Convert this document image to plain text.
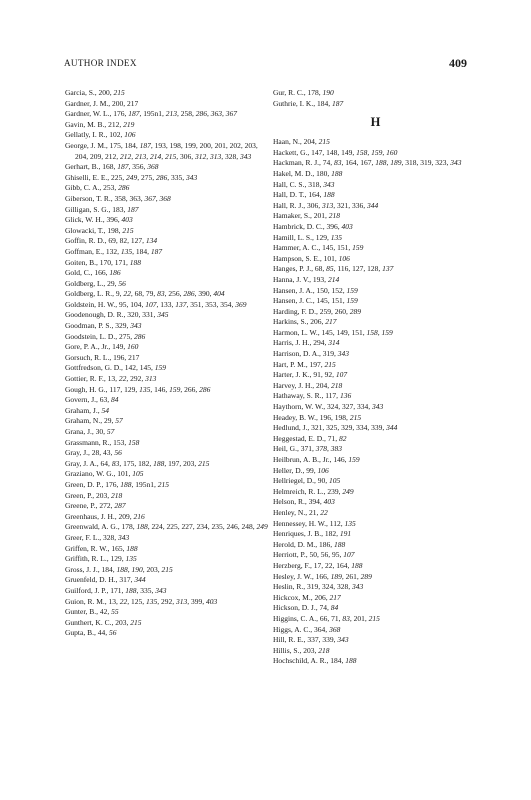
AUTHOR INDEX	409

Garcia, S., 200, 215

Gardner, J. M., 200, 217

Gardner, W. L., 176, 187, 195n1, 213, 258, 286, 363, 367

Gavin, M. B., 212, 219

Gellatly, I. R., 102, 106

George, J. M., 175, 184, 187, 193, 198, 199, 200, 201, 202, 203, 204, 209, 212, 212, 213, 214, 215, 306, 312, 313, 328, 343

Gerhart, B., 168, 187, 356, 368

Ghiselli, E. E., 225, 249, 275, 286, 335, 343

Gibb, C. A., 253, 286

Giberson, T. R., 358, 363, 367, 368

Gilligan, S. G., 183, 187

Glick, W. H., 396, 403

Glowacki, T., 198, 215

Goffin, R. D., 69, 82, 127, 134

Goffman, E., 132, 135, 184, 187

Goiten, B., 170, 171, 188

Gold, C., 166, 186

Goldberg, L., 29, 56

Goldberg, L. R., 9, 22, 68, 79, 83, 256, 286, 390, 404

Goldstein, H. W., 95, 104, 107, 133, 137, 351, 353, 354, 369

Goodenough, D. R., 320, 331, 345

Goodman, P. S., 329, 343

Goodstein, L. D., 275, 286

Gore, P. A., Jr., 149, 160

Gorsuch, R. L., 196, 217

Gottfredson, G. D., 142, 145, 159

Gottier, R. F., 13, 22, 292, 313

Gough, H. G., 117, 129, 135, 146, 159, 266, 286

Govern, J., 63, 84

Graham, J., 54

Graham, N., 29, 57

Grana, J., 30, 57

Grassmann, R., 153, 158

Gray, J., 28, 43, 56

Gray, J. A., 64, 83, 175, 182, 188, 197, 203, 215

Graziano, W. G., 101, 105

Green, D. P., 176, 188, 195n1, 215

Green, P., 203, 218

Greene, P., 272, 287

Greenhaus, J. H., 209, 216

Greenwald, A. G., 178, 188, 224, 225, 227, 234, 235, 246, 248, 249

Greer, F. L., 328, 343

Griffen, R. W., 165, 188

Griffith, R. L., 129, 135

Gross, J. J., 184, 188, 190, 203, 215

Gruenfeld, D. H., 317, 344

Guilford, J. P., 171, 188, 335, 343

Guion, R. M., 13, 22, 125, 135, 292, 313, 399, 403

Gunter, B., 42, 55

Gunthert, K. C., 203, 215

Gupta, B., 44, 56

Gur, R. C., 178, 190

Guthrie, I. K., 184, 187

H

Haan, N., 204, 215

Hackett, G., 147, 148, 149, 158, 159, 160

Hackman, R. J., 74, 83, 164, 167, 188, 189, 318, 319, 323, 343

Hakel, M. D., 180, 188

Hall, C. S., 318, 343

Hall, D. T., 164, 188

Hall, R. J., 306, 313, 321, 336, 344

Hamaker, S., 201, 218

Hambrick, D. C., 396, 403

Hamill, L. S., 129, 135

Hammer, A. C., 145, 151, 159

Hampson, S. E., 101, 106

Hanges, P. J., 68, 85, 116, 127, 128, 137

Hanna, J. V., 193, 214

Hansen, J. A., 150, 152, 159

Hansen, J. C., 145, 151, 159

Harding, F. D., 259, 260, 289

Harkins, S., 206, 217

Harmon, L. W., 145, 149, 151, 158, 159

Harris, J. H., 294, 314

Harrison, D. A., 319, 343

Hart, P. M., 197, 215

Harter, J. K., 91, 92, 107

Harvey, J. H., 204, 218

Hathaway, S. R., 117, 136

Haythorn, W. W., 324, 327, 334, 343

Headey, B. W., 196, 198, 215

Hedlund, J., 321, 325, 329, 334, 339, 344

Heggestad, E. D., 71, 82

Heil, G., 371, 378, 383

Heilbrun, A. B., Jr., 146, 159

Heller, D., 99, 106

Hellriegel, D., 90, 105

Helmreich, R. L., 239, 249

Helson, R., 394, 403

Henley, N., 21, 22

Hennessey, H. W., 112, 135

Henriques, J. B., 182, 191

Herold, D. M., 186, 188

Herriott, P., 50, 56, 95, 107

Herzberg, F., 17, 22, 164, 188

Hesley, J. W., 166, 189, 261, 289

Heslin, R., 319, 324, 328, 343

Hickcox, M., 206, 217

Hickson, D. J., 74, 84

Higgins, C. A., 66, 71, 83, 201, 215

Higgs, A. C., 364, 368

Hill, R. E., 337, 339, 343

Hillis, S., 203, 218

Hochschild, A. R., 184, 188
